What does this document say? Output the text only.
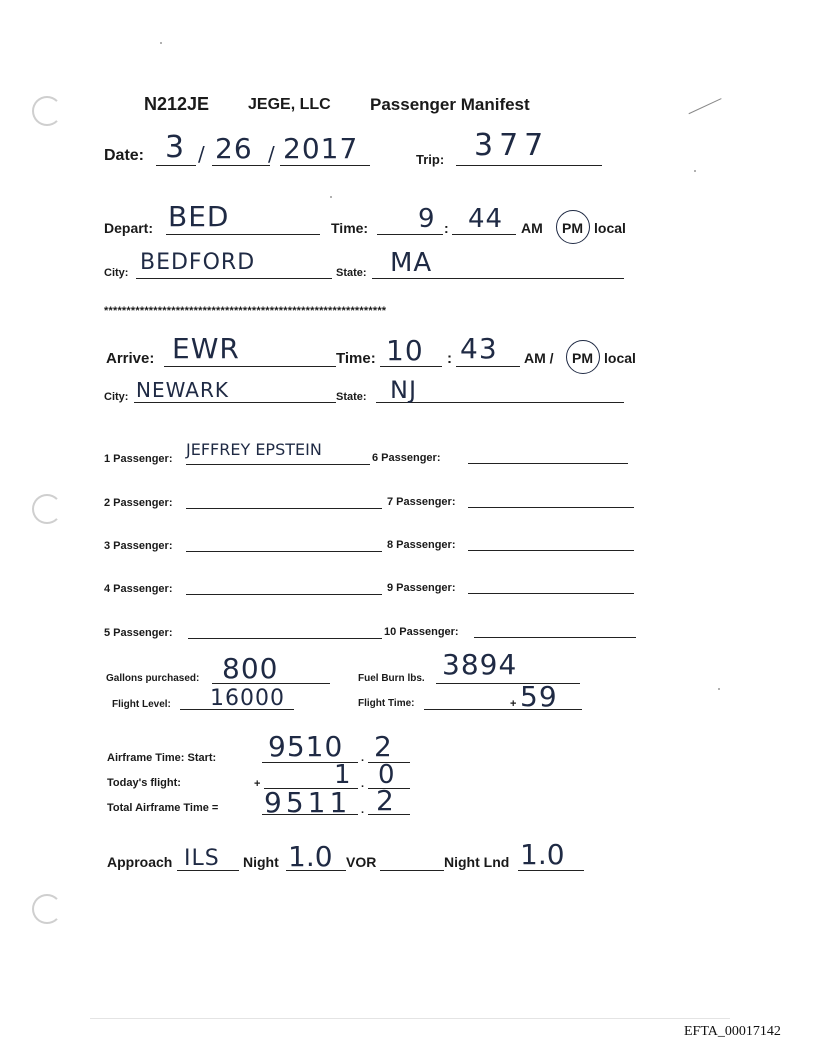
N212JE JEGE, LLC Passenger Manifest
Date: 3 / 26 / 2017	Trip: 377
Depart: BED	Time: 9 : 44 AM PM local
City: BEDFORD	State: MA
***************************************************************
Arrive: EWR	Time: 10 : 43 AM / PM local
City: NEWARK	State: NJ
1 Passenger: JEFFREY EPSTEIN
2 Passenger:
3 Passenger:
4 Passenger:
5 Passenger:
6 Passenger:
7 Passenger:
8 Passenger:
9 Passenger:
10 Passenger:
Gallons purchased: 800	Fuel Burn lbs. 3894
Flight Level: 16000	Flight Time:	+ 59
Airframe Time: Start: 9510 . 2
Today's flight:	+	1 . 0
Total Airframe Time = 9511 . 2
Approach ILS Night 1.0 VOR	Night Lnd 1.0
EFTA_00017142
